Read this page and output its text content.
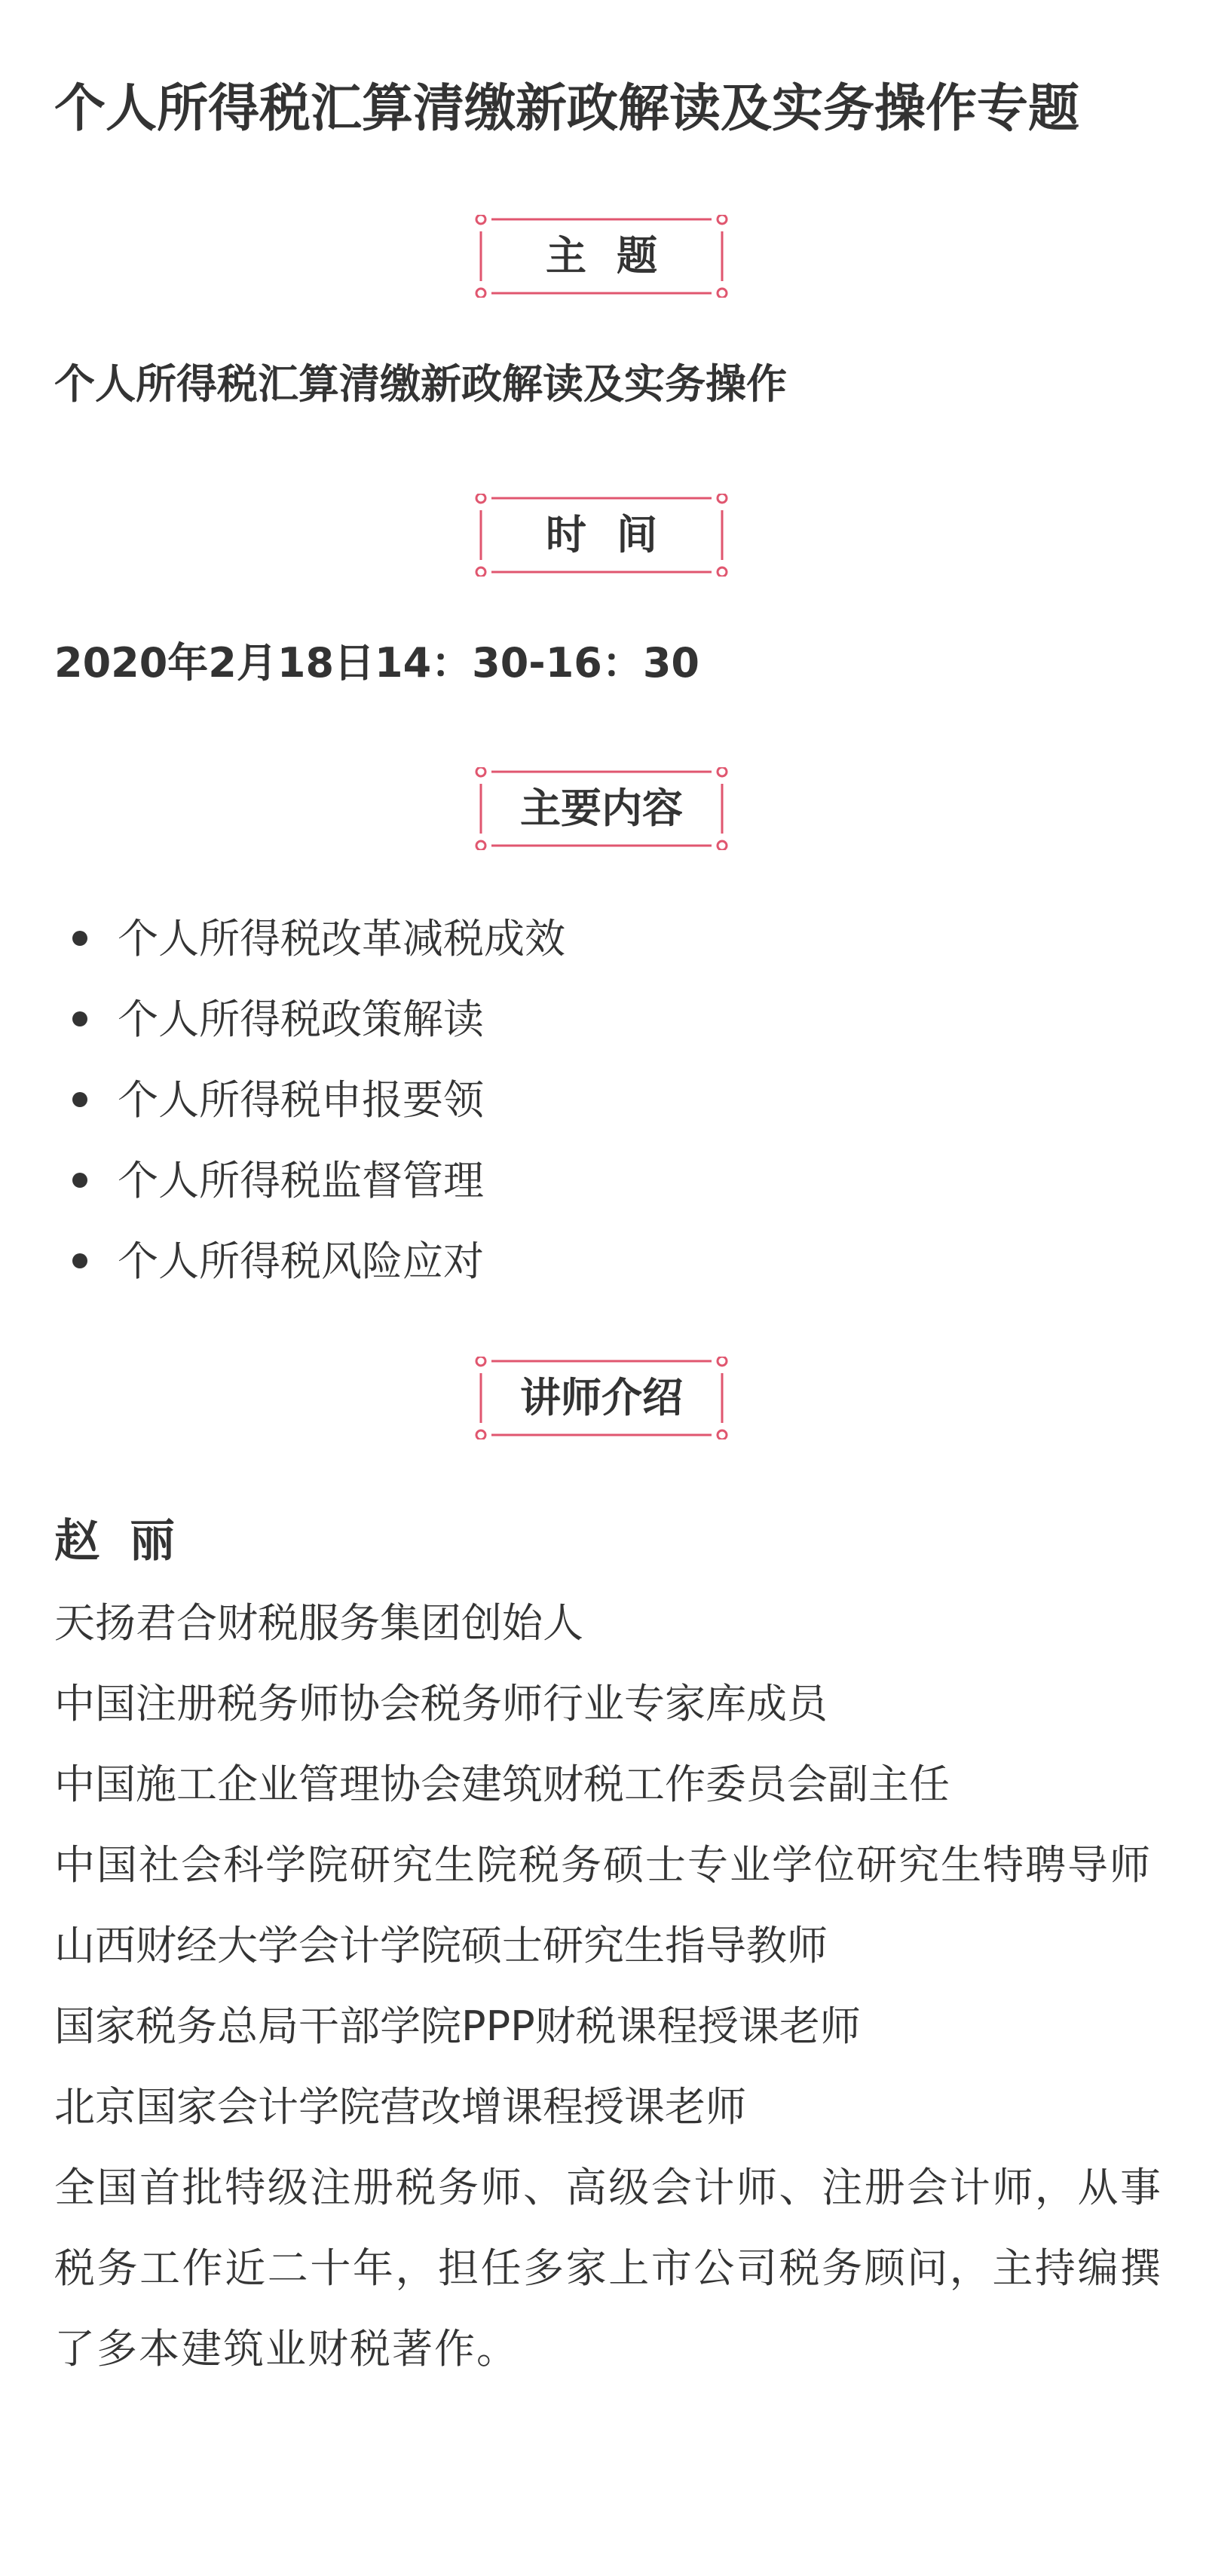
个人所得税汇算清缴新政解读及实务操作专题
主题
个人所得税汇算清缴新政解读及实务操作
时间
2020年2月18日14：30-16：30
主要内容
个人所得税改革减税成效
个人所得税政策解读
个人所得税申报要领
个人所得税监督管理
个人所得税风险应对
讲师介绍
赵丽
天扬君合财税服务集团创始人
中国注册税务师协会税务师行业专家库成员
中国施工企业管理协会建筑财税工作委员会副主任
中国社会科学院研究生院税务硕士专业学位研究生特聘导师
山西财经大学会计学院硕士研究生指导教师
国家税务总局干部学院PPP财税课程授课老师
北京国家会计学院营改增课程授课老师
全国首批特级注册税务师、高级会计师、注册会计师，从事税务工作近二十年，担任多家上市公司税务顾问，主持编撰了多本建筑业财税著作。
